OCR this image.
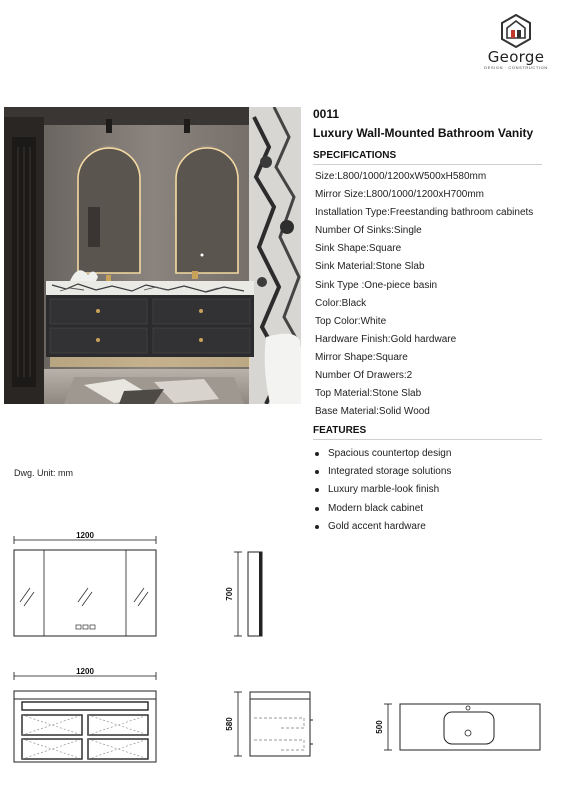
George
DESIGN · CONSTRUCTION
0011
Luxury Wall-Mounted Bathroom Vanity
SPECIFICATIONS
Size:L800/1000/1200xW500xH580mm
Mirror Size:L800/1000/1200xH700mm
Installation Type:Freestanding bathroom cabinets
Number Of Sinks:Single
Sink Shape:Square
Sink Material:Stone Slab
Sink Type :One-piece basin
Color:Black
Top Color:White
Hardware Finish:Gold hardware
Mirror Shape:Square
Number Of Drawers:2
Top Material:Stone Slab
Base Material:Solid Wood
FEATURES
Spacious countertop design
Integrated storage solutions
Luxury marble-look finish
Modern black cabinet
Gold accent hardware
Dwg. Unit: mm
1200
700
1200
580	500
